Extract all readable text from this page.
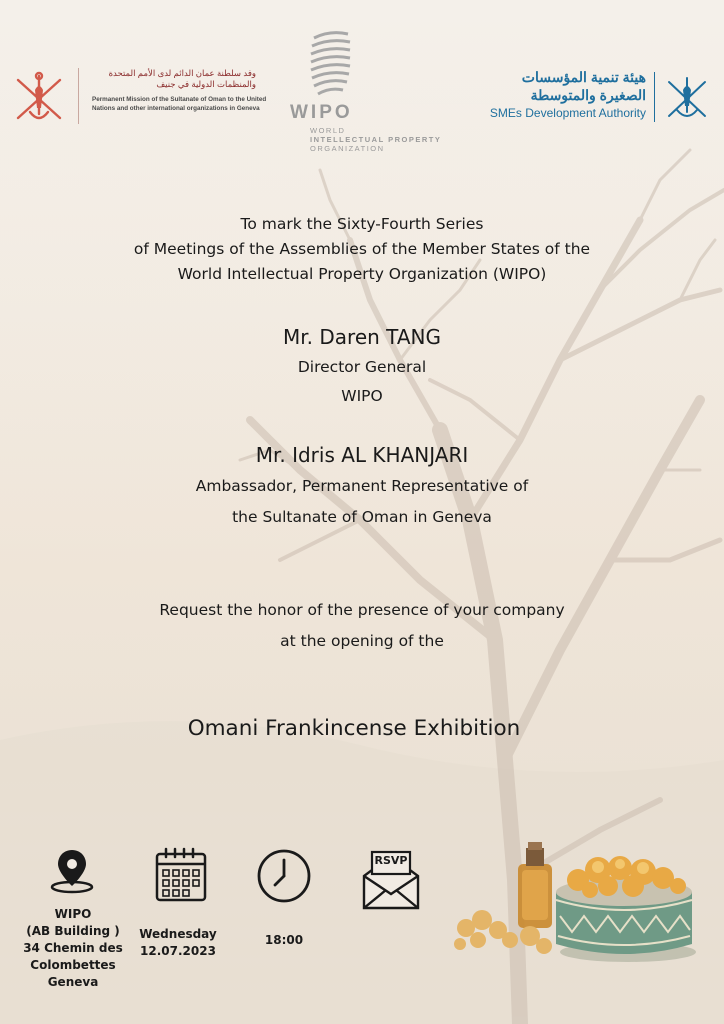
وفد سلطنة عمان الدائم لدى الأمم المتحدة والمنظمات الدولية في جنيف
Permanent Mission of the Sultanate of Oman to the United Nations and other international organizations in Geneva	WIPO
WORLD
INTELLECTUAL PROPERTY
ORGANIZATION
هيئة تنمية المؤسسات
الصغيرة والمتوسطة
SMEs Development Authority
To mark the Sixty-Fourth Series
of Meetings of the Assemblies of the Member States of the
World Intellectual Property Organization (WIPO)
Mr. Daren TANG
Director General
WIPO
Mr. Idris AL KHANJARI
Ambassador, Permanent Representative of
the Sultanate of Oman in Geneva
Request the honor of the presence of your company
at the opening of the
Omani Frankincense Exhibition
WIPO
(AB Building )
34 Chemin des
Colombettes
Geneva
Wednesday
12.07.2023
18:00
RSVP
